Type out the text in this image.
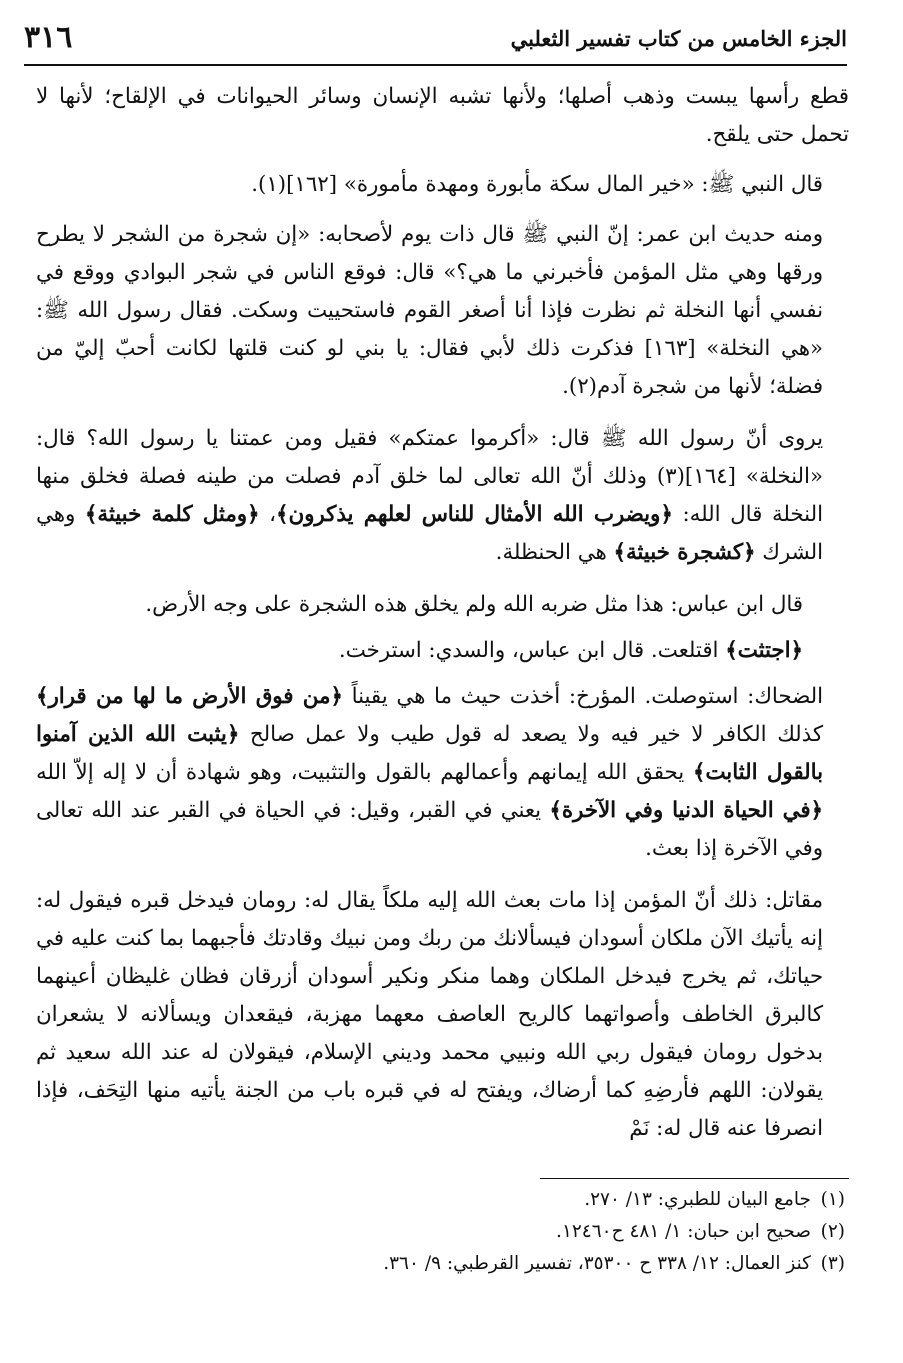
الجزء الخامس من كتاب تفسير الثعلبي
٣١٦

قطع رأسها يبست وذهب أصلها؛ ولأنها تشبه الإنسان وسائر الحيوانات في الإلقاح؛ لأنها لا تحمل حتى يلقح.

قال النبي ﷺ: «خير المال سكة مأبورة ومهدة مأمورة» [١٦٢](١).

ومنه حديث ابن عمر: إنّ النبي ﷺ قال ذات يوم لأصحابه: «إن شجرة من الشجر لا يطرح ورقها وهي مثل المؤمن فأخبرني ما هي؟» قال: فوقع الناس في شجر البوادي ووقع في نفسي أنها النخلة ثم نظرت فإذا أنا أصغر القوم فاستحييت وسكت. فقال رسول الله ﷺ: «هي النخلة» [١٦٣] فذكرت ذلك لأبي فقال: يا بني لو كنت قلتها لكانت أحبّ إليّ من فضلة؛ لأنها من شجرة آدم(٢).

يروى أنّ رسول الله ﷺ قال: «أكرموا عمتكم» فقيل ومن عمتنا يا رسول الله؟ قال: «النخلة» [١٦٤](٣) وذلك أنّ الله تعالى لما خلق آدم فصلت من طينه فصلة فخلق منها النخلة قال الله: ﴿ويضرب الله الأمثال للناس لعلهم يذكرون﴾، ﴿ومثل كلمة خبيثة﴾ وهي الشرك ﴿كشجرة خبيثة﴾ هي الحنظلة.

قال ابن عباس: هذا مثل ضربه الله ولم يخلق هذه الشجرة على وجه الأرض.

﴿اجتثت﴾ اقتلعت. قال ابن عباس، والسدي: استرخت.

الضحاك: استوصلت. المؤرخ: أخذت حيث ما هي يقيناً ﴿من فوق الأرض ما لها من قرار﴾ كذلك الكافر لا خير فيه ولا يصعد له قول طيب ولا عمل صالح ﴿يثبت الله الذين آمنوا بالقول الثابت﴾ يحقق الله إيمانهم وأعمالهم بالقول والتثبيت، وهو شهادة أن لا إله إلاّ الله ﴿في الحياة الدنيا وفي الآخرة﴾ يعني في القبر، وقيل: في الحياة في القبر عند الله تعالى وفي الآخرة إذا بعث.

مقاتل: ذلك أنّ المؤمن إذا مات بعث الله إليه ملكاً يقال له: رومان فيدخل قبره فيقول له: إنه يأتيك الآن ملكان أسودان فيسألانك من ربك ومن نبيك وقادتك فأجبهما بما كنت عليه في حياتك، ثم يخرج فيدخل الملكان وهما منكر ونكير أسودان أزرقان فظان غليظان أعينهما كالبرق الخاطف وأصواتهما كالريح العاصف معهما مهزبة، فيقعدان ويسألانه لا يشعران بدخول رومان فيقول ربي الله ونبيي محمد وديني الإسلام، فيقولان له عند الله سعيد ثم يقولان: اللهم فأرضِهِ كما أرضاك، ويفتح له في قبره باب من الجنة يأتيه منها التِحَف، فإذا انصرفا عنه قال له: نَمْ

(١)
جامع البيان للطبري: ١٣/ ٢٧٠.
(٢)
صحيح ابن حبان: ١/ ٤٨١ ح١٢٤٦٠.
(٣)
كنز العمال: ١٢/ ٣٣٨ ح ٣٥٣٠٠، تفسير القرطبي: ٩/ ٣٦٠.
